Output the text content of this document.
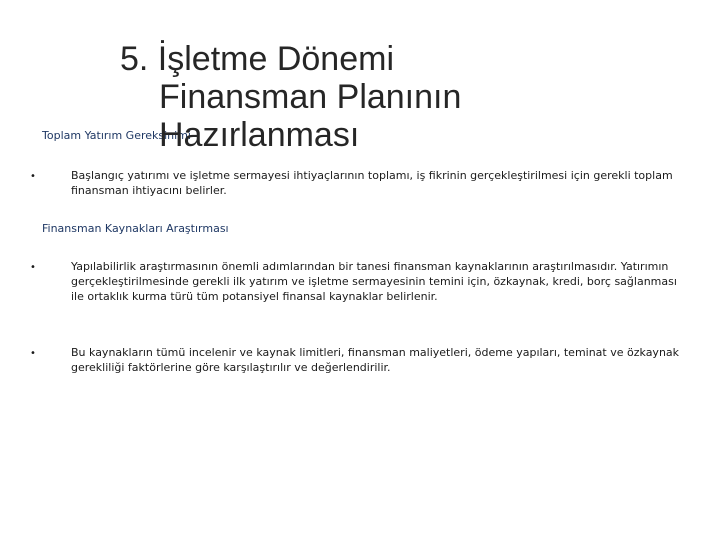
5. İşletme Dönemi
Finansman Planının
Hazırlanması
Toplam Yatırım Gereksinimi
•	Başlangıç yatırımı ve işletme sermayesi ihtiyaçlarının toplamı, iş fikrinin gerçekleştirilmesi için gerekli toplam finansman ihtiyacını belirler.
Finansman Kaynakları Araştırması
•	Yapılabilirlik araştırmasının önemli adımlarından bir tanesi finansman kaynaklarının araştırılmasıdır. Yatırımın gerçekleştirilmesinde gerekli ilk yatırım ve işletme sermayesinin temini için, özkaynak, kredi, borç sağlanması ile ortaklık kurma türü tüm potansiyel finansal kaynaklar belirlenir.
•	Bu kaynakların tümü incelenir ve kaynak limitleri, finansman maliyetleri, ödeme yapıları, teminat ve özkaynak gerekliliği faktörlerine göre karşılaştırılır ve değerlendirilir.
